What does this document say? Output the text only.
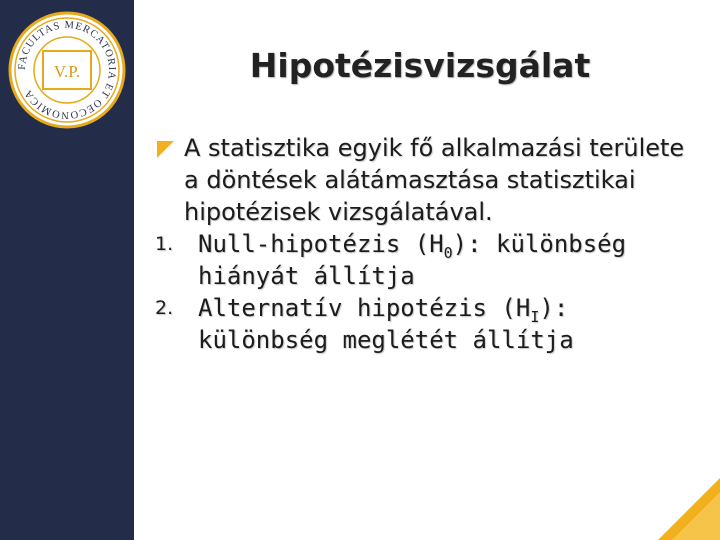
FACULTAS MERCATORIA ET OECONOMICA
V.P.	Hipotézisvizsgálat
A statisztika egyik fő alkalmazási területe a döntések alátámasztása statisztikai hipotézisek vizsgálatával.
1. Null-hipotézis $(H_0)$: különbség hiányát állítja
2. Alternatív hipotézis $(H_I)$: különbség meglétét állítja
